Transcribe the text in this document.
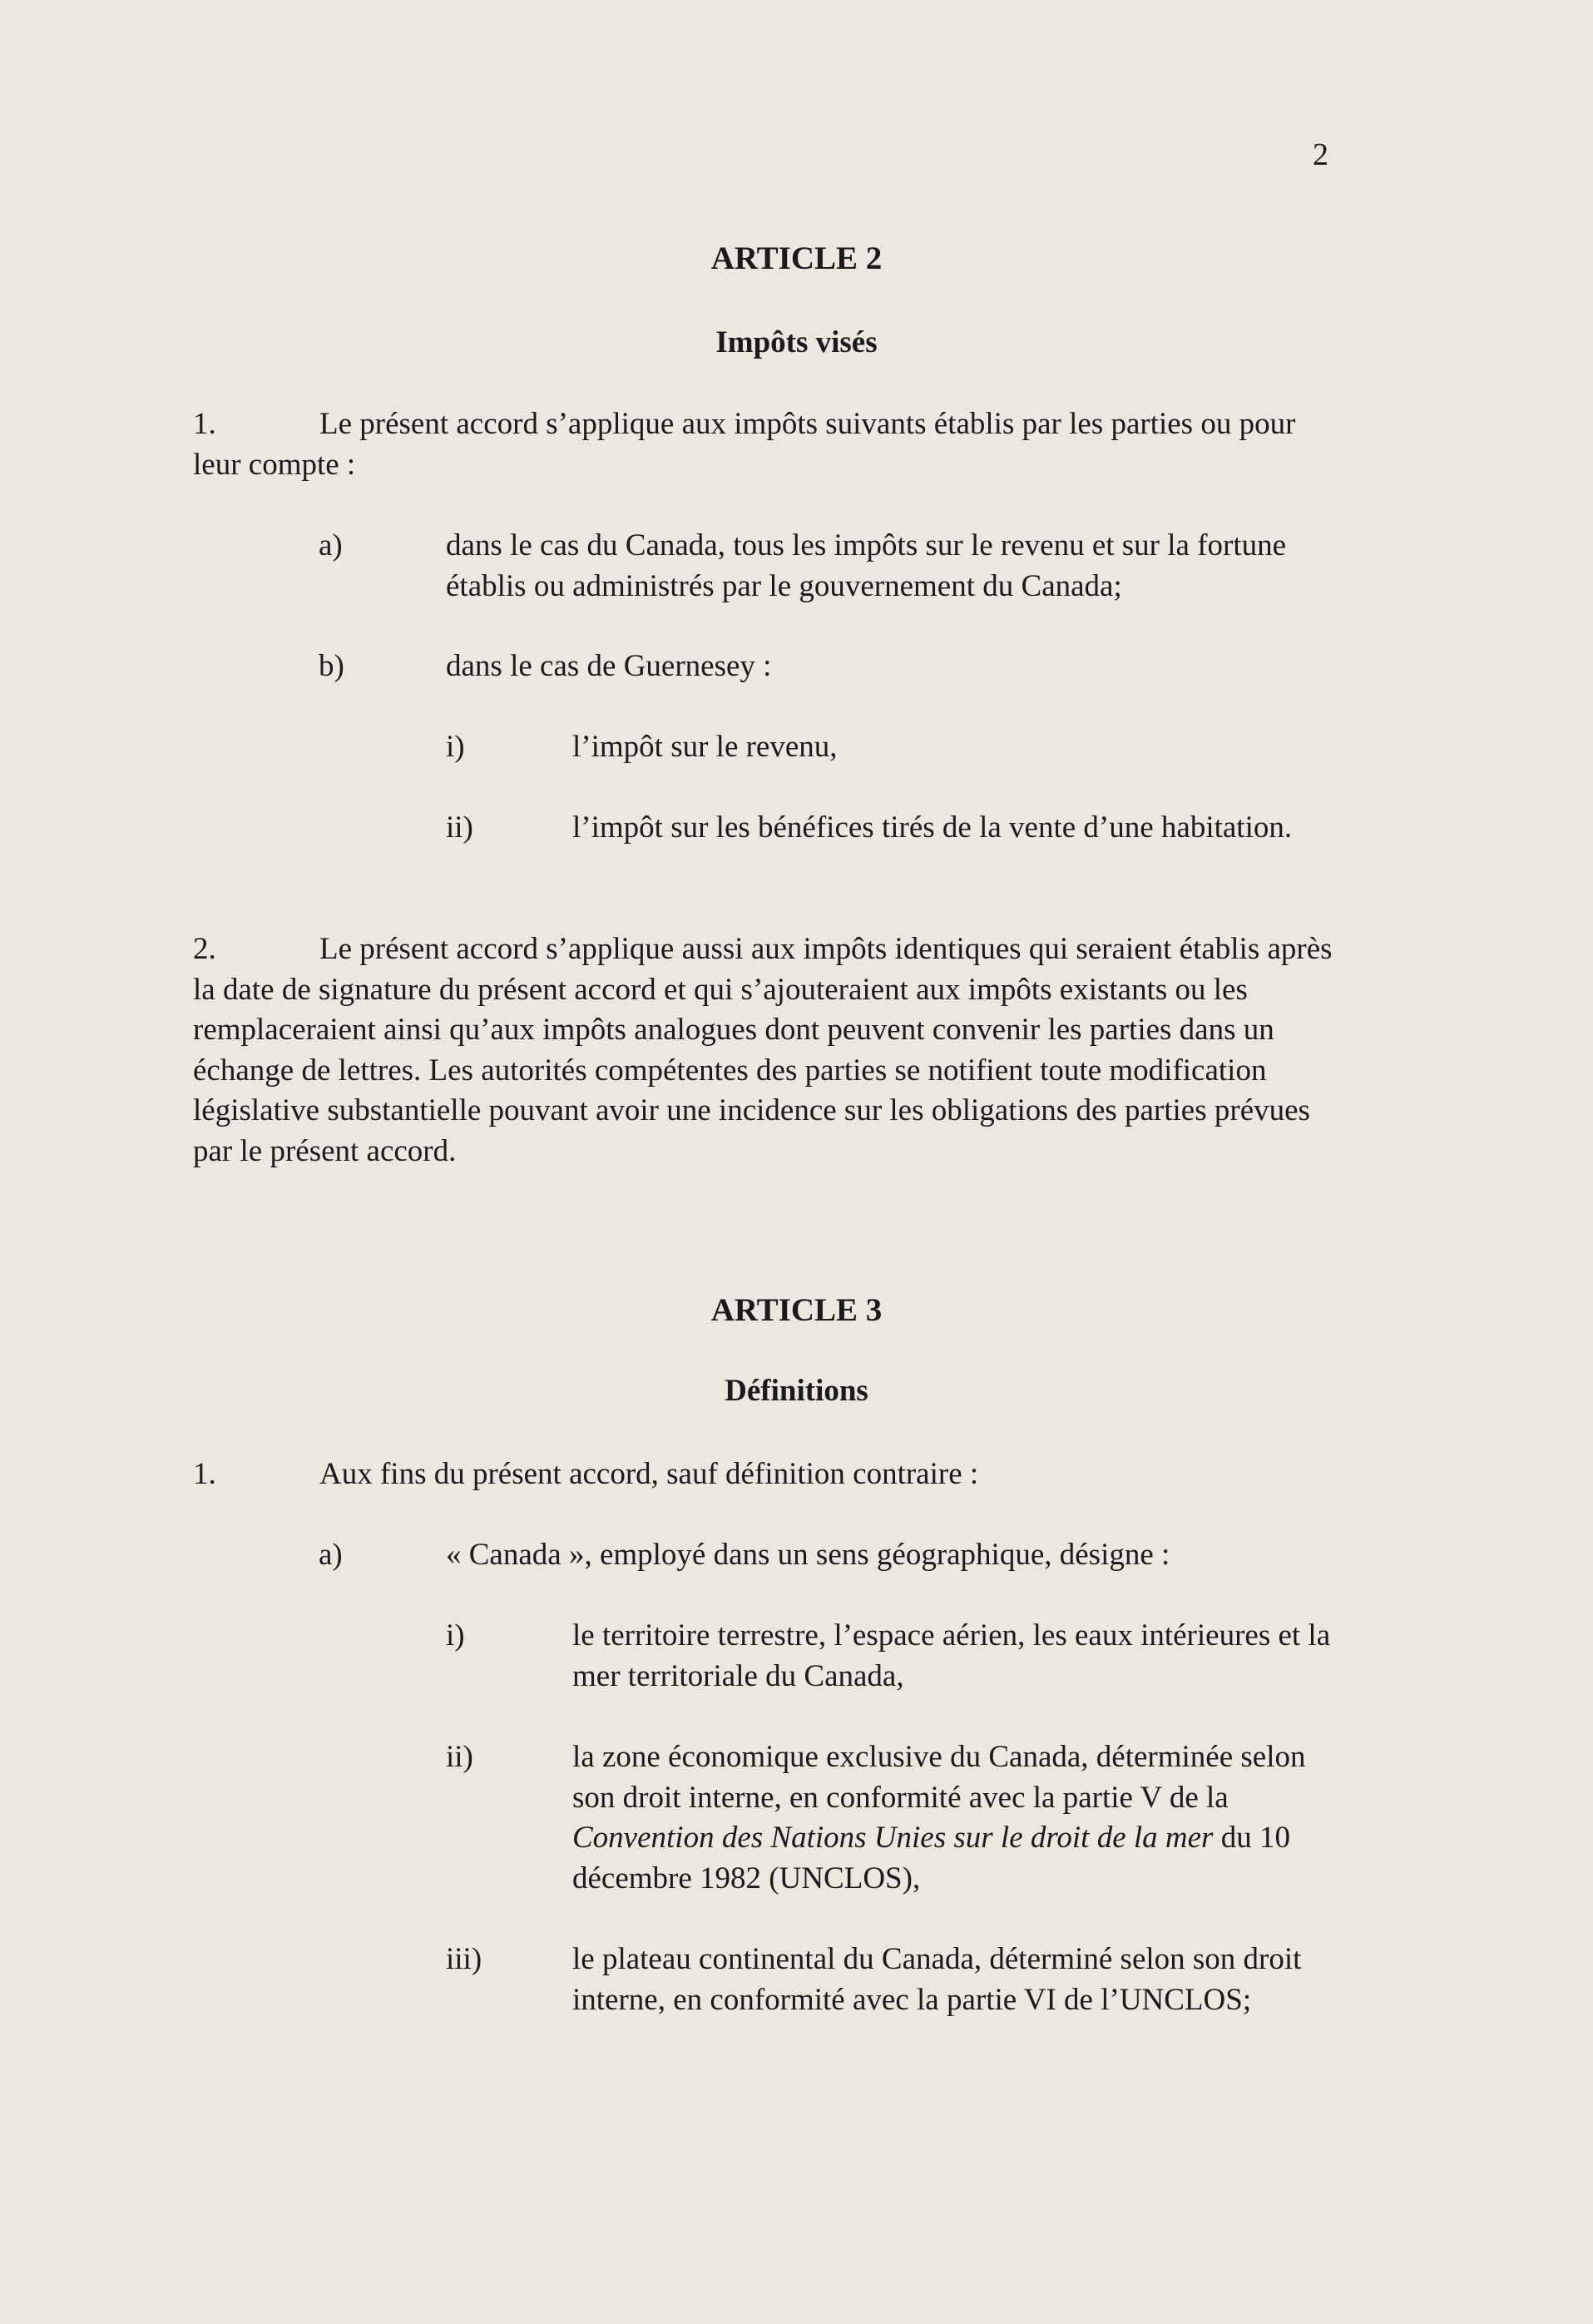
2
ARTICLE 2
Impôts visés
1.	Le présent accord s’applique aux impôts suivants établis par les parties ou pour leur compte :
a)	dans le cas du Canada, tous les impôts sur le revenu et sur la fortune établis ou administrés par le gouvernement du Canada;
b)	dans le cas de Guernesey :
i)	l’impôt sur le revenu,
ii)	l’impôt sur les bénéfices tirés de la vente d’une habitation.
2.	Le présent accord s’applique aussi aux impôts identiques qui seraient établis après la date de signature du présent accord et qui s’ajouteraient aux impôts existants ou les remplaceraient ainsi qu’aux impôts analogues dont peuvent convenir les parties dans un échange de lettres. Les autorités compétentes des parties se notifient toute modification législative substantielle pouvant avoir une incidence sur les obligations des parties prévues par le présent accord.
ARTICLE 3
Définitions
1.	Aux fins du présent accord, sauf définition contraire :
a)	« Canada », employé dans un sens géographique, désigne :
i)	le territoire terrestre, l’espace aérien, les eaux intérieures et la mer territoriale du Canada,
ii)	la zone économique exclusive du Canada, déterminée selon son droit interne, en conformité avec la partie V de la Convention des Nations Unies sur le droit de la mer du 10 décembre 1982 (UNCLOS),
iii)	le plateau continental du Canada, déterminé selon son droit interne, en conformité avec la partie VI de l’UNCLOS;
